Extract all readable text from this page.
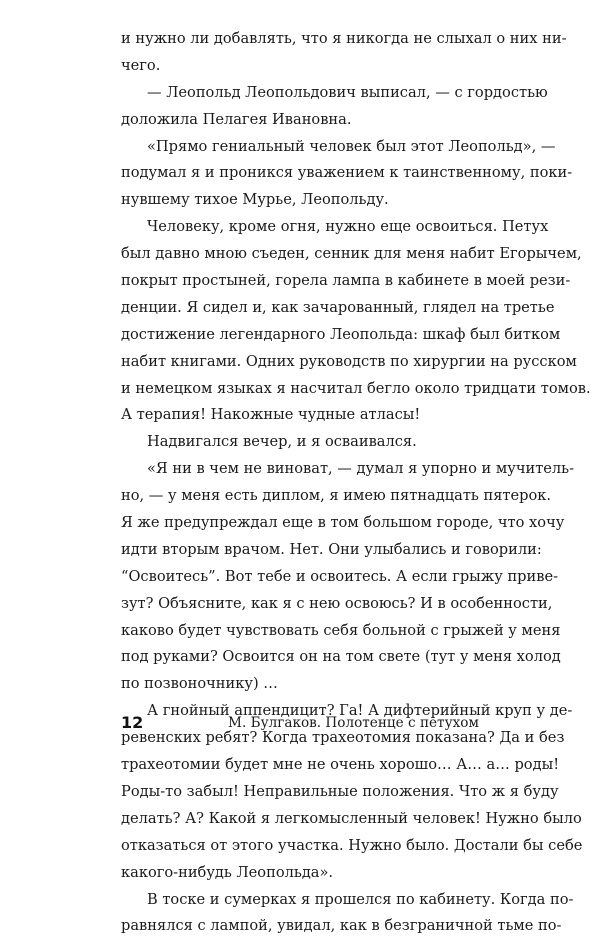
и нужно ли добавлять, что я никогда не слыхал о них ни-
чего.
— Леопольд Леопольдович выписал, — с гордостью
доложила Пелагея Ивановна.
«Прямо гениальный человек был этот Леопольд», —
подумал я и проникся уважением к таинственному, поки-
нувшему тихое Мурье, Леопольду.
Человеку, кроме огня, нужно еще освоиться. Петух
был давно мною съеден, сенник для меня набит Егорычем,
покрыт простыней, горела лампа в кабинете в моей рези-
денции. Я сидел и, как зачарованный, глядел на третье
достижение легендарного Леопольда: шкаф был битком
набит книгами. Одних руководств по хирургии на русском
и немецком языках я насчитал бегло около тридцати томов.
А терапия! Накожные чудные атласы!
Надвигался вечер, и я осваивался.
«Я ни в чем не виноват, — думал я упорно и мучитель-
но, — у меня есть диплом, я имею пятнадцать пятерок.
Я же предупреждал еще в том большом городе, что хочу
идти вторым врачом. Нет. Они улыбались и говорили:
“Освоитесь”. Вот тебе и освоитесь. А если грыжу приве-
зут? Объясните, как я с нею освоюсь? И в особенности,
каково будет чувствовать себя больной с грыжей у меня
под руками? Освоится он на том свете (тут у меня холод
по позвоночнику) …
А гнойный аппендицит? Га! А дифтерийный круп у де-
ревенских ребят? Когда трахеотомия показана? Да и без
трахеотомии будет мне не очень хорошо… А… а… роды!
Роды-то забыл! Неправильные положения. Что ж я буду
делать? А? Какой я легкомысленный человек! Нужно было
отказаться от этого участка. Нужно было. Достали бы себе
какого-нибудь Леопольда».
В тоске и сумерках я прошелся по кабинету. Когда по-
равнялся с лампой, увидал, как в безграничной тьме по-
12	М. Булгаков. Полотенце с петухом
